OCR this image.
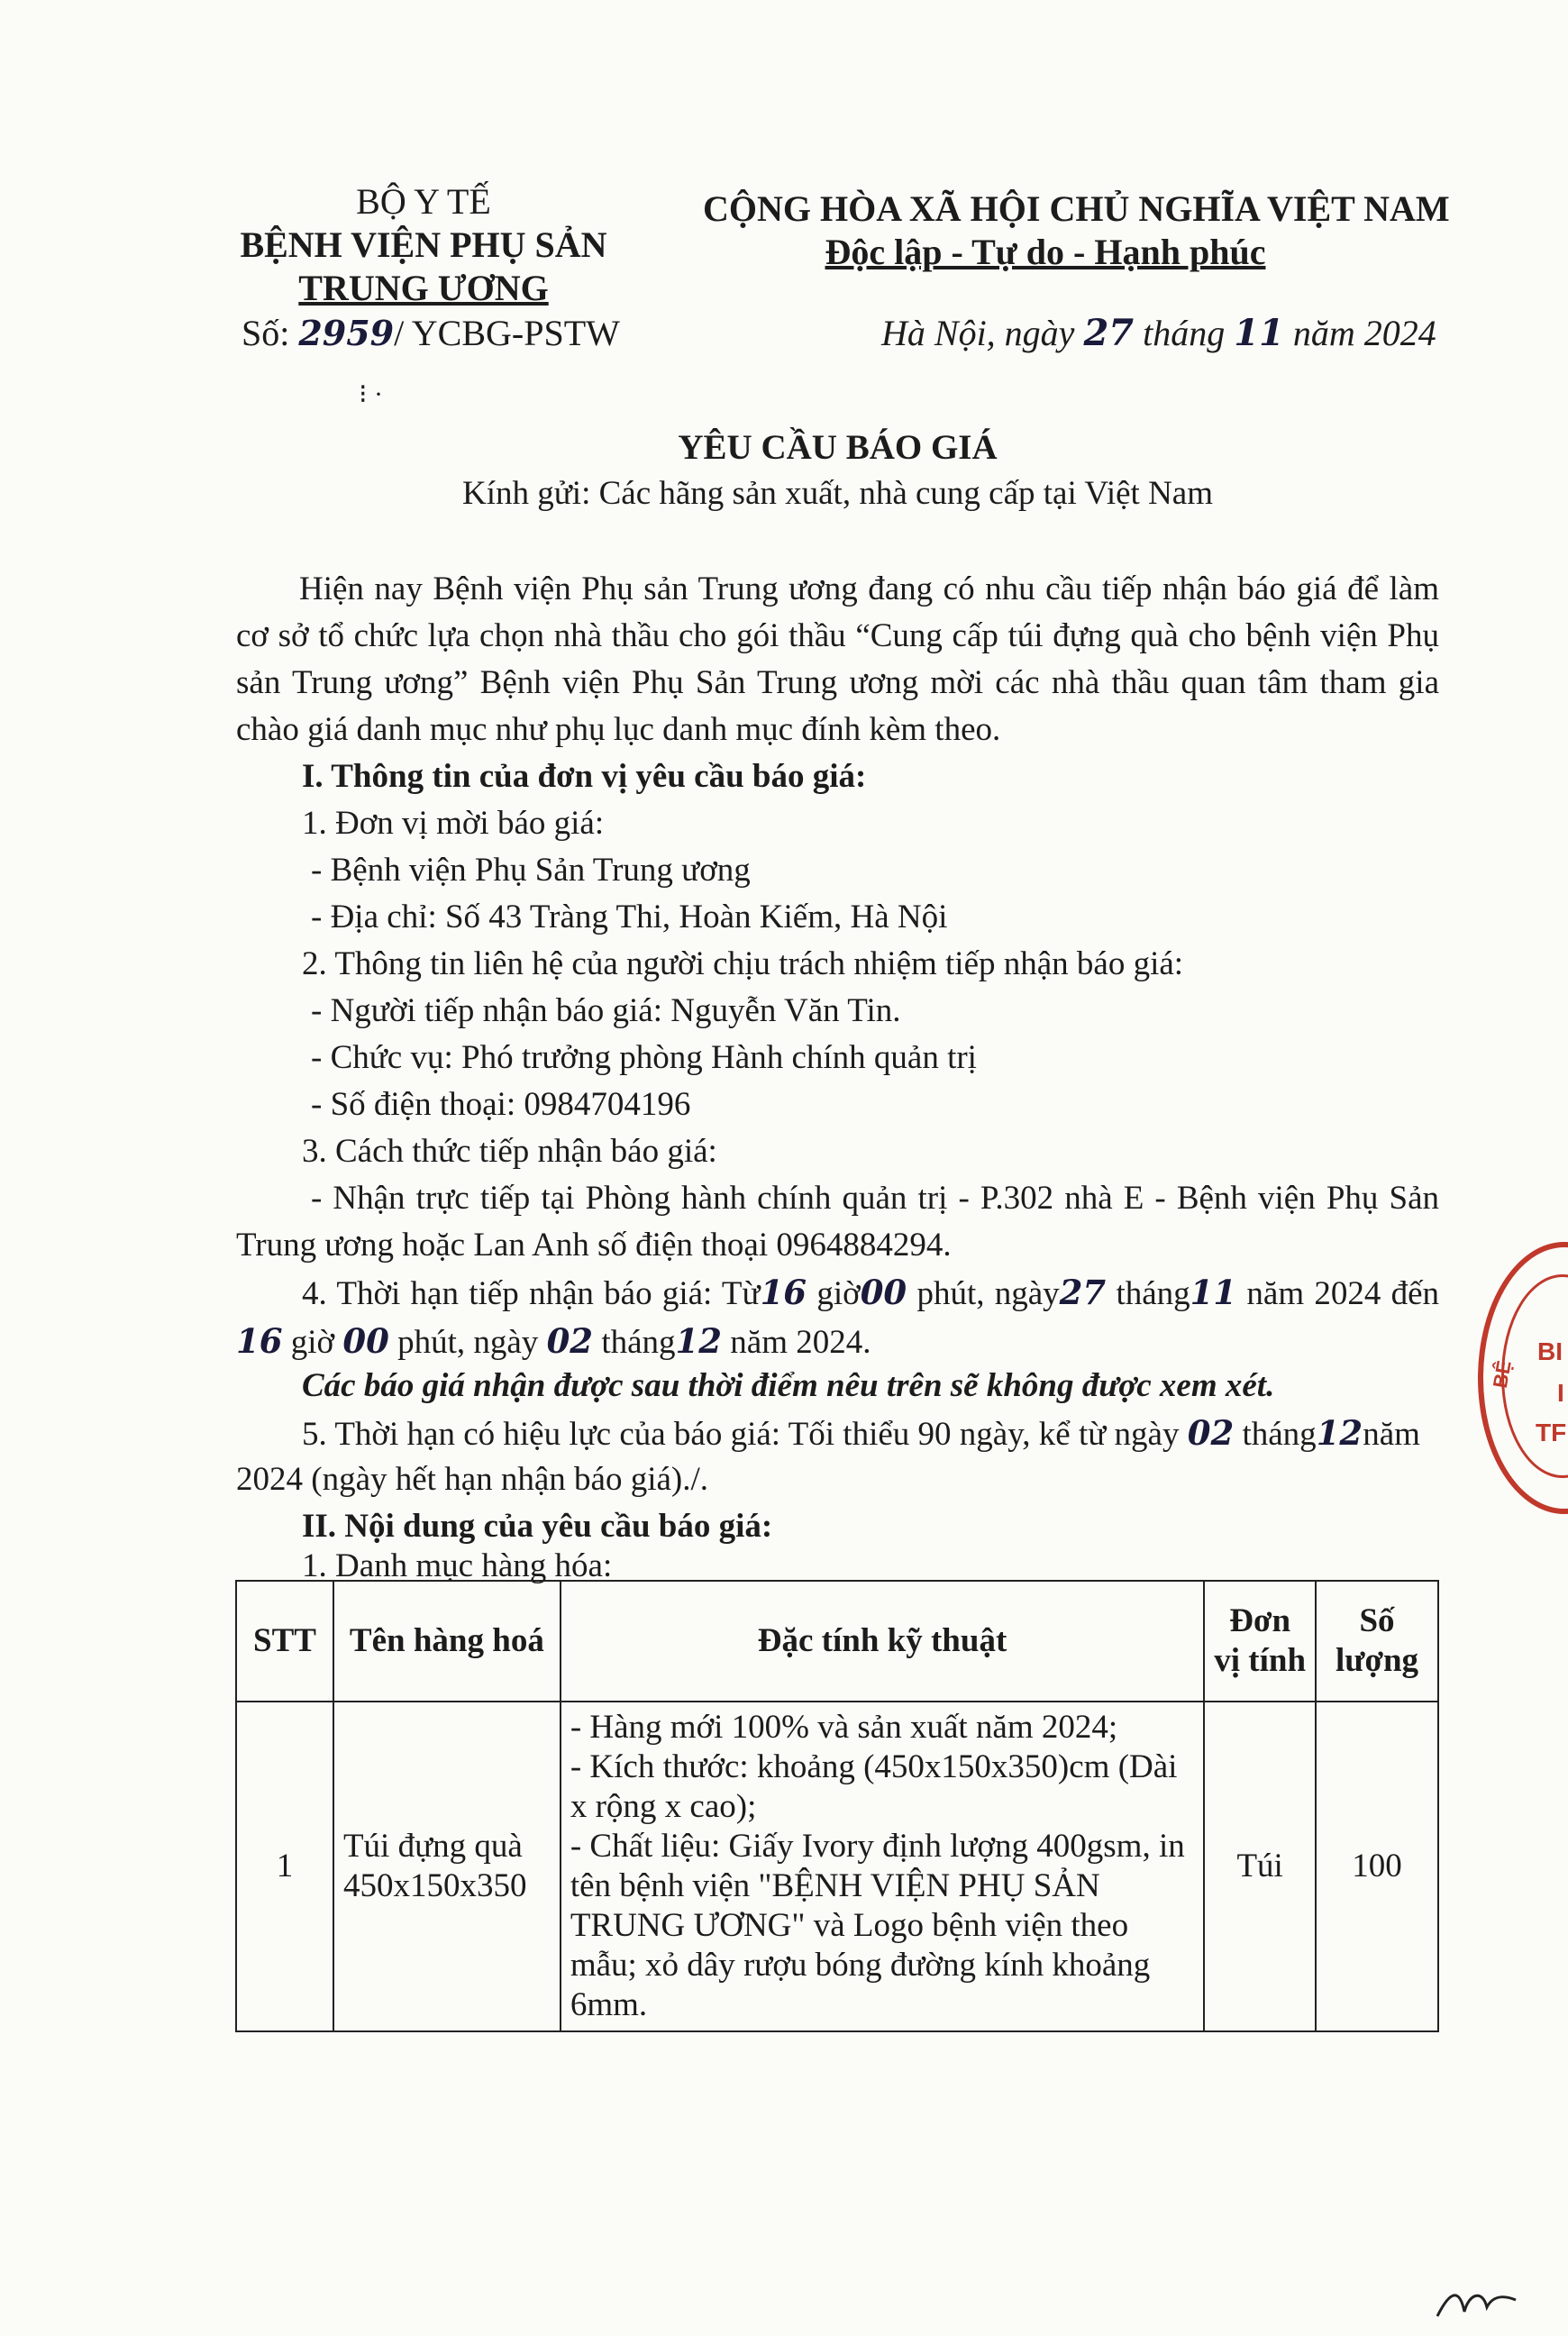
BỘ Y TẾ
BỆNH VIỆN PHỤ SẢN
TRUNG ƯƠNG
Số: 2959/ YCBG-PSTW
⁝ ·
CỘNG HÒA XÃ HỘI CHỦ NGHĨA VIỆT NAM
Độc lập - Tự do - Hạnh phúc
Hà Nội, ngày 27 tháng 11 năm 2024
YÊU CẦU BÁO GIÁ
Kính gửi: Các hãng sản xuất, nhà cung cấp tại Việt Nam
Hiện nay Bệnh viện Phụ sản Trung ương đang có nhu cầu tiếp nhận báo giá để làm cơ sở tổ chức lựa chọn nhà thầu cho gói thầu “Cung cấp túi đựng quà cho bệnh viện Phụ sản Trung ương” Bệnh viện Phụ Sản Trung ương mời các nhà thầu quan tâm tham gia chào giá danh mục như phụ lục danh mục đính kèm theo.
I. Thông tin của đơn vị yêu cầu báo giá:
1. Đơn vị mời báo giá:
- Bệnh viện Phụ Sản Trung ương
- Địa chỉ: Số 43 Tràng Thi, Hoàn Kiếm, Hà Nội
2. Thông tin liên hệ của người chịu trách nhiệm tiếp nhận báo giá:
- Người tiếp nhận báo giá: Nguyễn Văn Tin.
- Chức vụ: Phó trưởng phòng Hành chính quản trị
- Số điện thoại: 0984704196
3. Cách thức tiếp nhận báo giá:
- Nhận trực tiếp tại Phòng hành chính quản trị - P.302 nhà E - Bệnh viện Phụ Sản Trung ương hoặc Lan Anh số điện thoại 0964884294.
4. Thời hạn tiếp nhận báo giá: Từ16 giờ00 phút, ngày27 tháng11 năm 2024 đến 16 giờ 00 phút, ngày 02 tháng12 năm 2024.
Các báo giá nhận được sau thời điểm nêu trên sẽ không được xem xét.
5. Thời hạn có hiệu lực của báo giá: Tối thiểu 90 ngày, kể từ ngày 02 tháng12năm
2024 (ngày hết hạn nhận báo giá)./.
II. Nội dung của yêu cầu báo giá:
1. Danh mục hàng hóa:
STT	Tên hàng hoá	Đặc tính kỹ thuật	Đơn vị tính	Số lượng
1	Túi đựng quà 450x150x350	- Hàng mới 100% và sản xuất năm 2024;
- Kích thước: khoảng (450x150x350)cm (Dài x rộng x cao);
- Chất liệu: Giấy Ivory định lượng 400gsm, in tên bệnh viện "BỆNH VIỆN PHỤ SẢN TRUNG ƯƠNG" và Logo bệnh viện theo mẫu; xỏ dây rượu bóng đường kính khoảng 6mm.	Túi	100
BỆ
BI
I
TF
